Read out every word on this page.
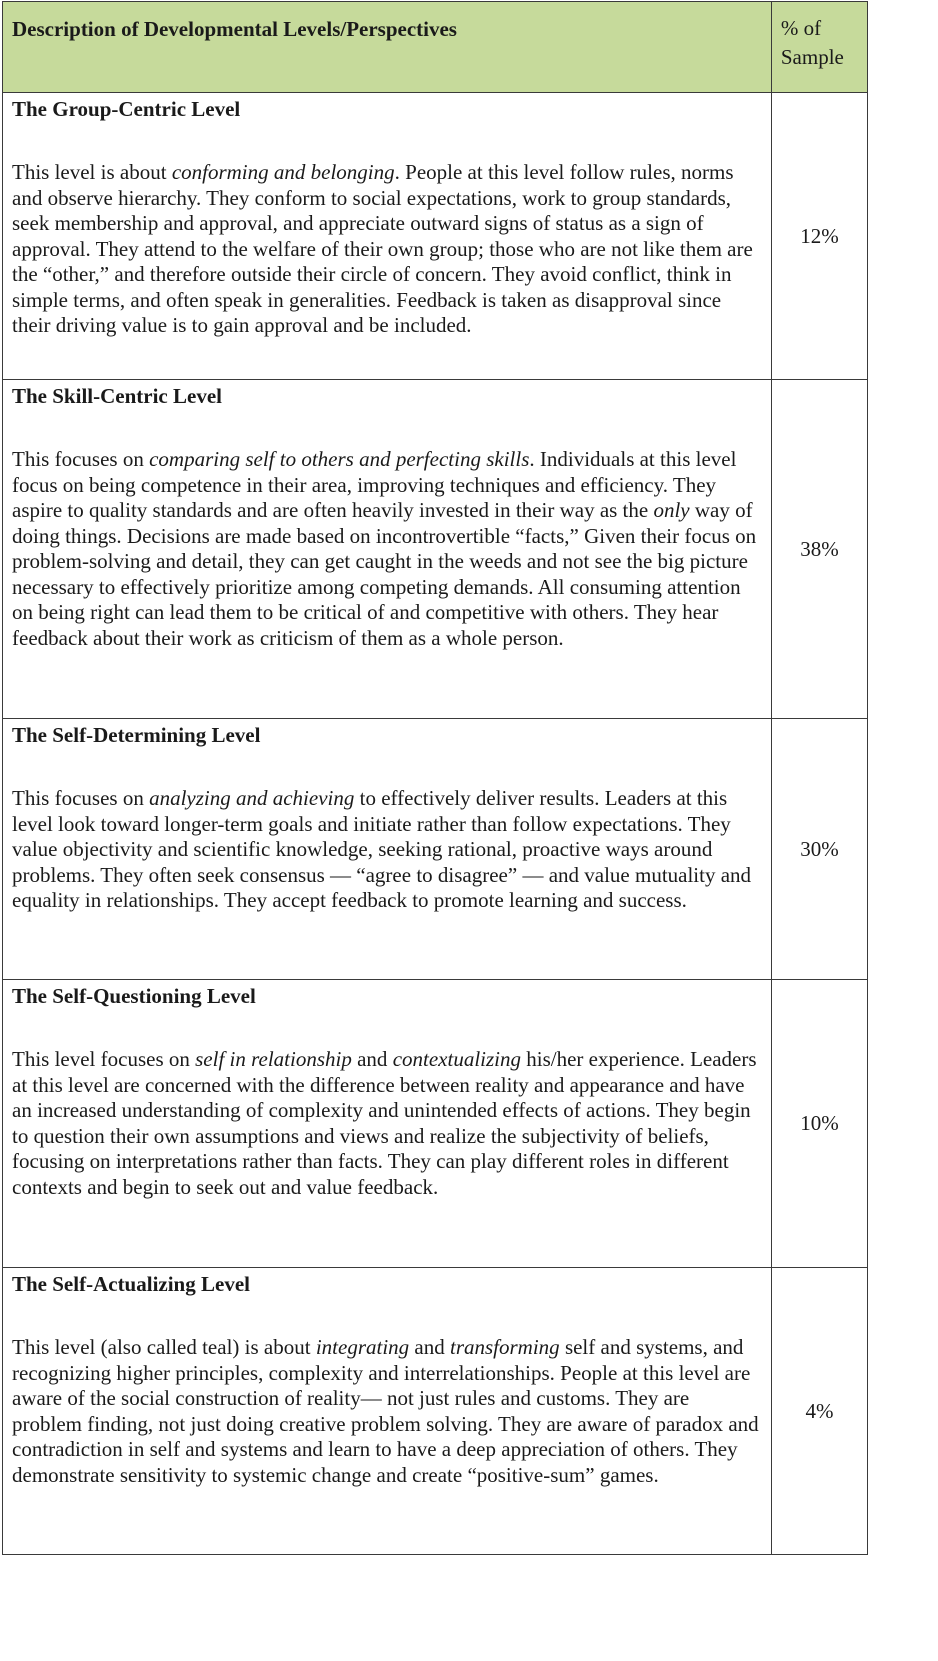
Description of Developmental Levels/Perspectives	% of
Sample

The Group-Centric Level
This level is about conforming and belonging. People at this level follow rules, norms and observe hierarchy. They conform to social expectations, work to group standards, seek membership and approval, and appreciate outward signs of status as a sign of approval. They attend to the welfare of their own group; those who are not like them are the “other,” and therefore outside their circle of concern. They avoid conflict, think in simple terms, and often speak in generalities. Feedback is taken as disapproval since their driving value is to gain approval and be included.	12%

The Skill-Centric Level
This focuses on comparing self to others and perfecting skills. Individuals at this level focus on being competence in their area, improving techniques and efficiency. They aspire to quality standards and are often heavily invested in their way as the only way of doing things. Decisions are made based on incontrovertible “facts,” Given their focus on problem-solving and detail, they can get caught in the weeds and not see the big picture necessary to effectively prioritize among competing demands. All consuming attention on being right can lead them to be critical of and competitive with others. They hear feedback about their work as criticism of them as a whole person.	38%

The Self-Determining Level
This focuses on analyzing and achieving to effectively deliver results. Leaders at this level look toward longer-term goals and initiate rather than follow expectations. They value objectivity and scientific knowledge, seeking rational, proactive ways around problems. They often seek consensus — “agree to disagree” — and value mutuality and equality in relationships. They accept feedback to promote learning and success.	30%

The Self-Questioning Level
This level focuses on self in relationship and contextualizing his/her experience. Leaders at this level are concerned with the difference between reality and appearance and have an increased understanding of complexity and unintended effects of actions. They begin to question their own assumptions and views and realize the subjectivity of beliefs, focusing on interpretations rather than facts. They can play different roles in different contexts and begin to seek out and value feedback.	10%

The Self-Actualizing Level
This level (also called teal) is about integrating and transforming self and systems, and recognizing higher principles, complexity and interrelationships. People at this level are aware of the social construction of reality— not just rules and customs. They are problem finding, not just doing creative problem solving. They are aware of paradox and contradiction in self and systems and learn to have a deep appreciation of others. They demonstrate sensitivity to systemic change and create “positive-sum” games.	4%
